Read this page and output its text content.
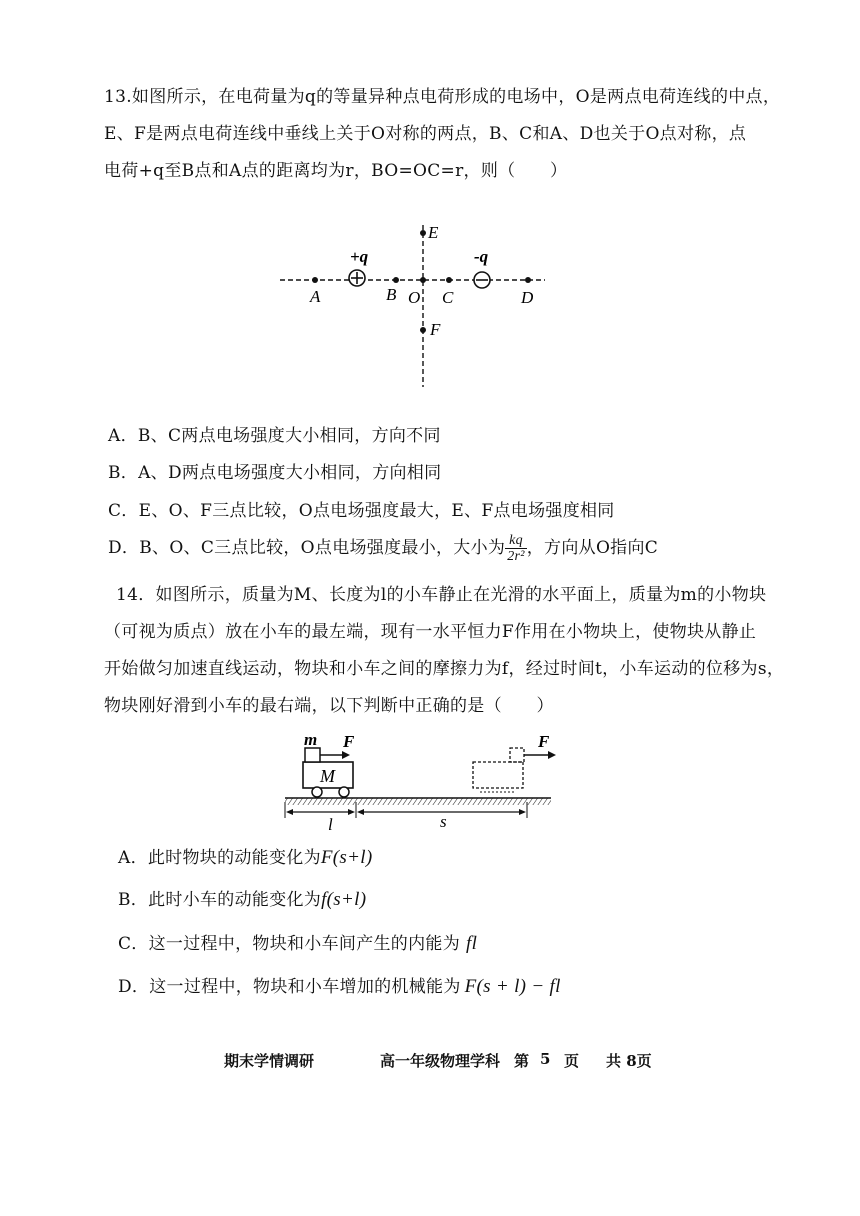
13.如图所示，在电荷量为q的等量异种点电荷形成的电场中，O是两点电荷连线的中点，
E、F是两点电荷连线中垂线上关于O对称的两点，B、C和A、D也关于O点对称，点
电荷+q至B点和A点的距离均为r，BO=OC=r，则（　　）
+q	-q
A	B O C	D
E
F
A．B、C两点电场强度大小相同，方向不同
B．A、D两点电场强度大小相同，方向相同
C．E、O、F三点比较，O点电场强度最大，E、F点电场强度相同
D．B、O、C三点比较，O点电场强度最小，大小为 $\frac{kq}{\text{2r²}}$ ，方向从O指向C
14．如图所示，质量为M、长度为l的小车静止在光滑的水平面上，质量为m的小物块
（可视为质点）放在小车的最左端，现有一水平恒力F作用在小物块上，使物块从静止
开始做匀加速直线运动，物块和小车之间的摩擦力为f，经过时间t，小车运动的位移为s，
物块刚好滑到小车的最右端，以下判断中正确的是（　　）
m
M
F	F
l	s
A．此时物块的动能变化为F(s+l)
B．此时小车的动能变化为f(s+l)
C．这一过程中，物块和小车间产生的内能为 fl
D．这一过程中，物块和小车增加的机械能为 F(s + l) − fl
期末学情调研	高一年级物理学科 第 5 页 共 8页
